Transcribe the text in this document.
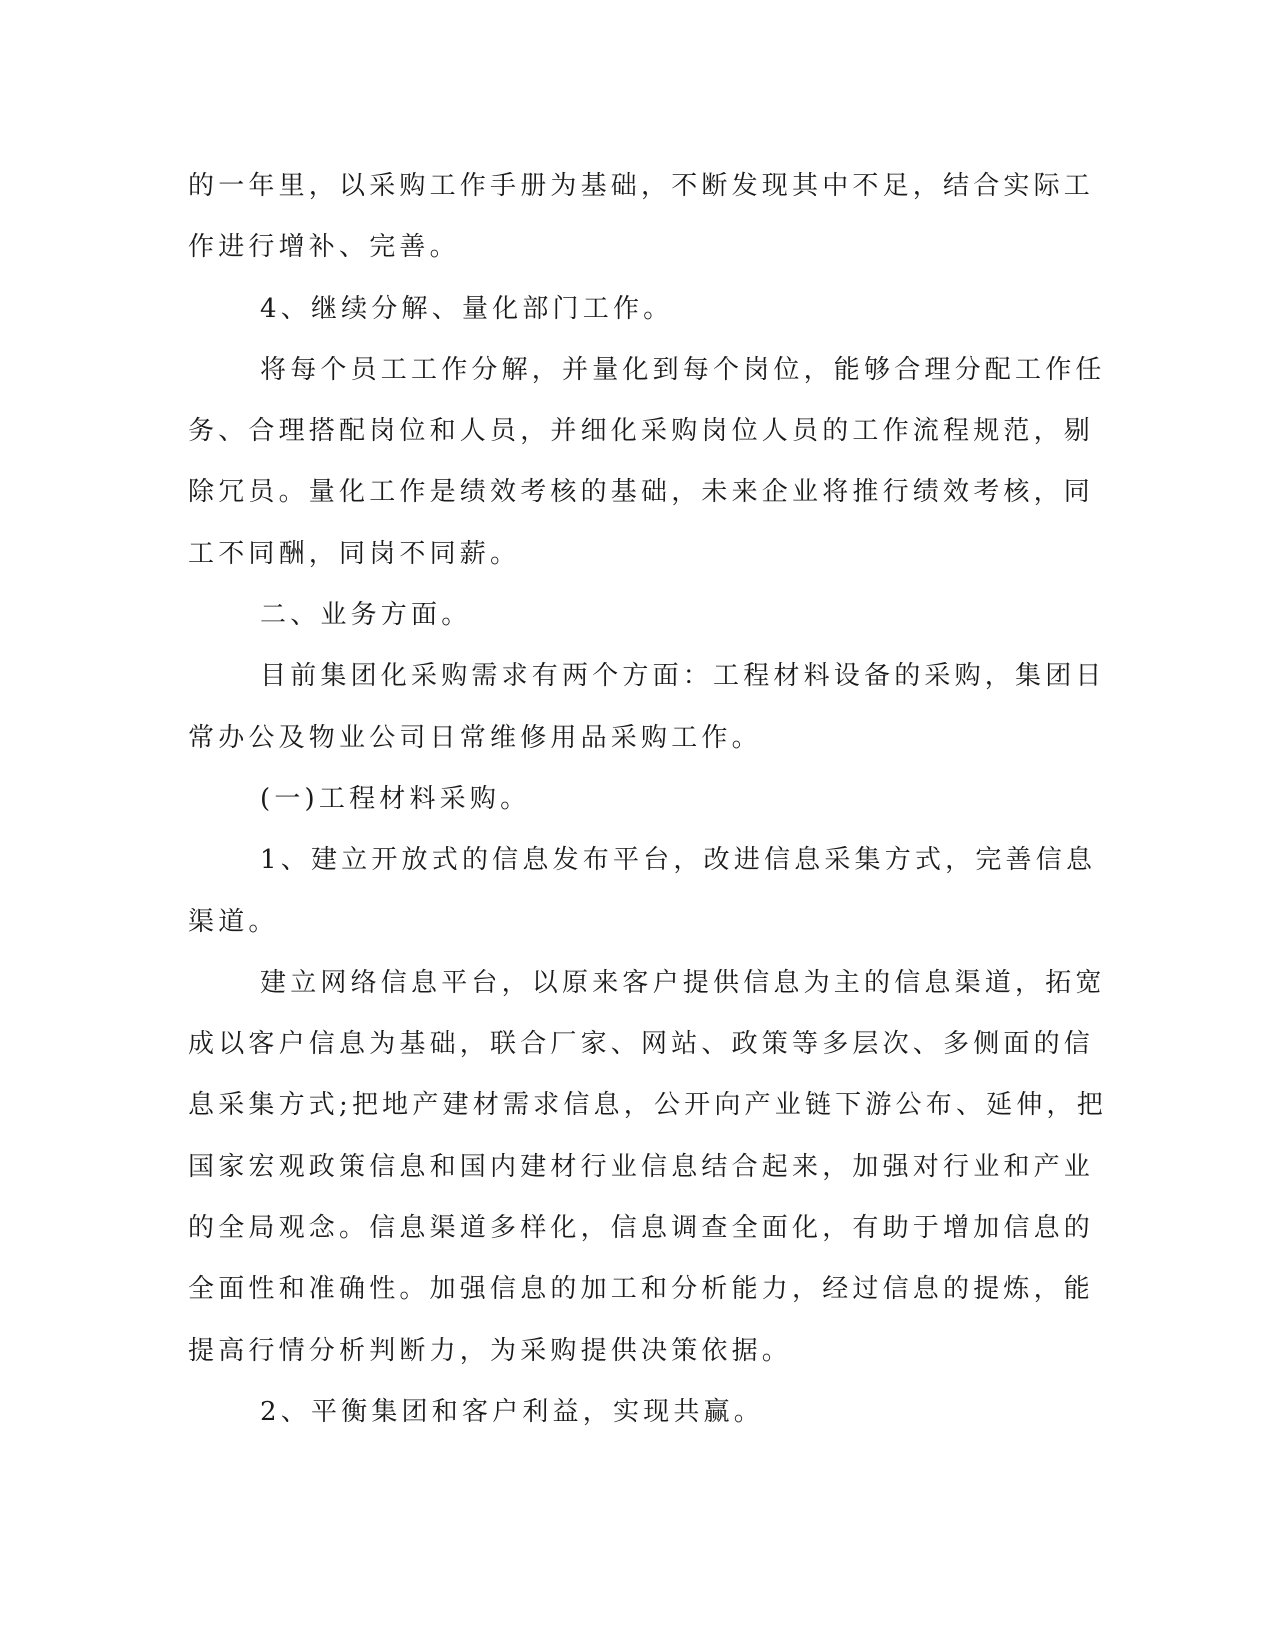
的一年里，以采购工作手册为基础，不断发现其中不足，结合实际工

作进行增补、完善。

4、继续分解、量化部门工作。

将每个员工工作分解，并量化到每个岗位，能够合理分配工作任

务、合理搭配岗位和人员，并细化采购岗位人员的工作流程规范，剔

除冗员。量化工作是绩效考核的基础，未来企业将推行绩效考核，同

工不同酬，同岗不同薪。

二、业务方面。

目前集团化采购需求有两个方面：工程材料设备的采购，集团日

常办公及物业公司日常维修用品采购工作。

(一)工程材料采购。

1、建立开放式的信息发布平台，改进信息采集方式，完善信息

渠道。

建立网络信息平台，以原来客户提供信息为主的信息渠道，拓宽

成以客户信息为基础，联合厂家、网站、政策等多层次、多侧面的信

息采集方式;把地产建材需求信息，公开向产业链下游公布、延伸，把

国家宏观政策信息和国内建材行业信息结合起来，加强对行业和产业

的全局观念。信息渠道多样化，信息调查全面化，有助于增加信息的

全面性和准确性。加强信息的加工和分析能力，经过信息的提炼，能

提高行情分析判断力，为采购提供决策依据。

2、平衡集团和客户利益，实现共赢。
